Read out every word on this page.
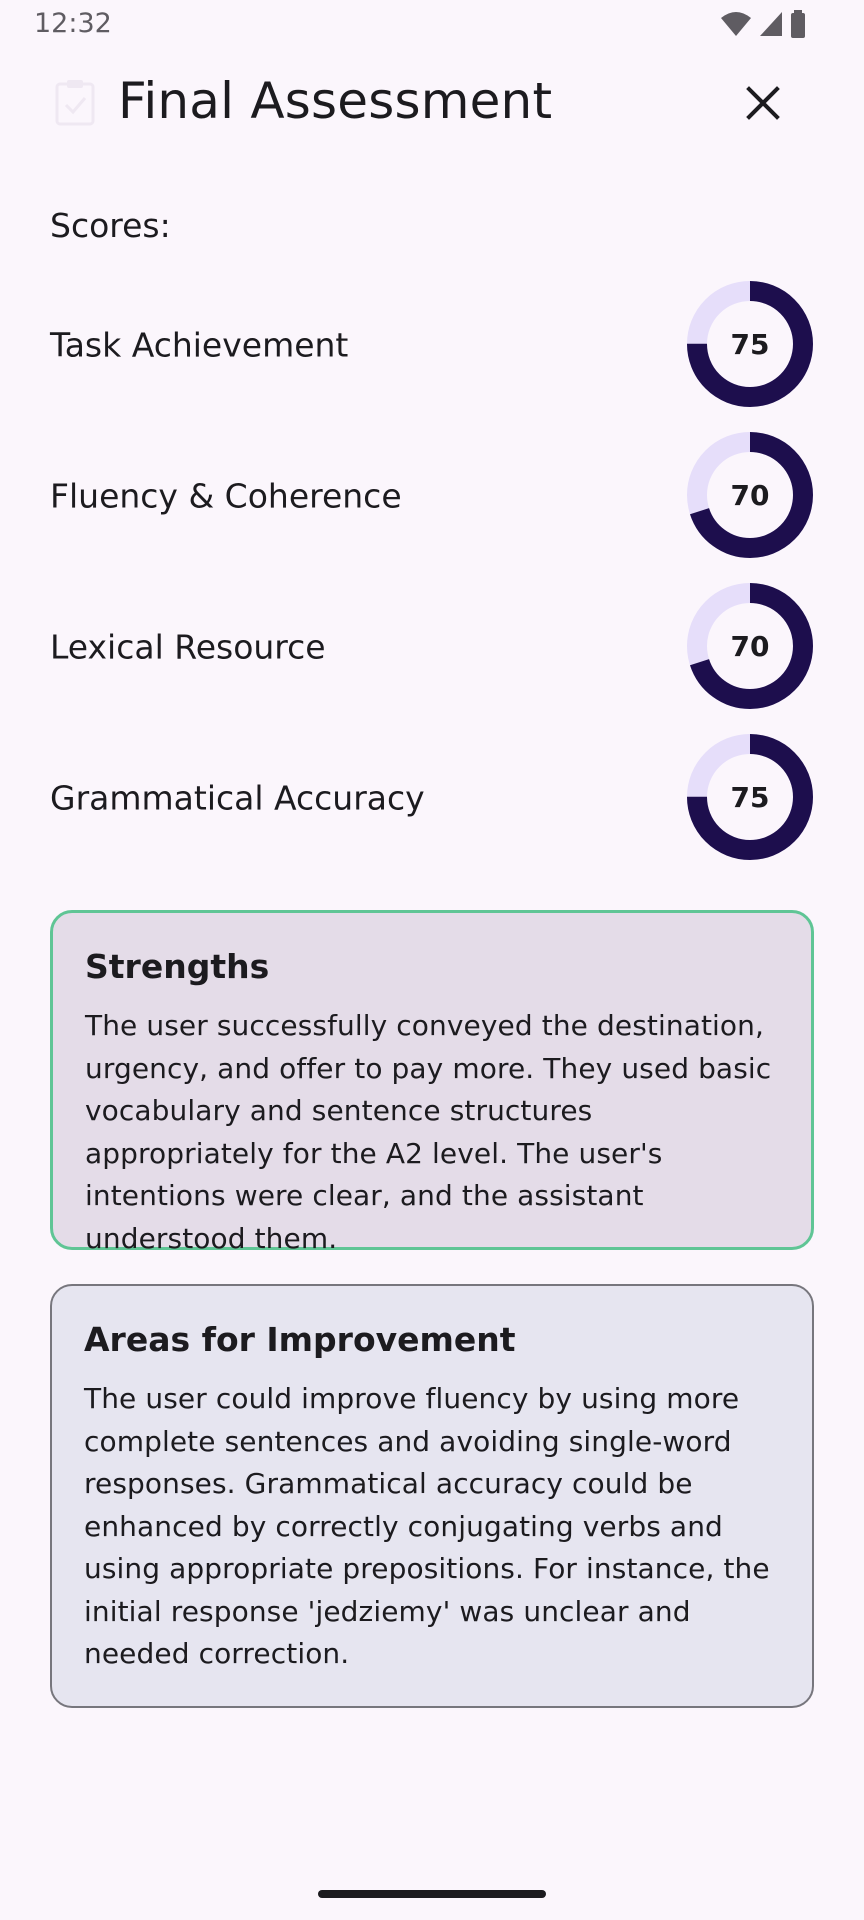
12:32
Final Assessment
Scores:
Task Achievement	75
Fluency & Coherence	70
Lexical Resource	70
Grammatical Accuracy	75
Strengths

The user successfully conveyed the destination, urgency, and offer to pay more. They used basic vocabulary and sentence structures appropriately for the A2 level. The user's intentions were clear, and the assistant understood them.

Areas for Improvement

The user could improve fluency by using more complete sentences and avoiding single-word responses. Grammatical accuracy could be enhanced by correctly conjugating verbs and using appropriate prepositions. For instance, the initial response 'jedziemy' was unclear and needed correction.
